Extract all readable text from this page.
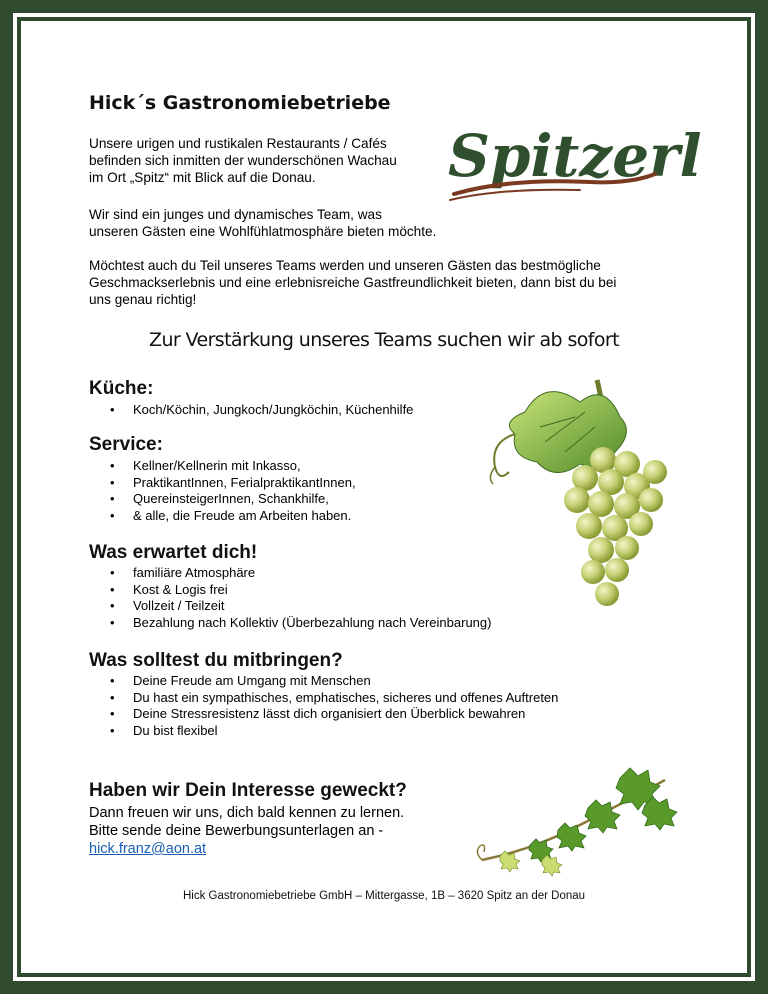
Hick´s Gastronomiebetriebe
Unsere urigen und rustikalen Restaurants / Cafés
befinden sich inmitten der wunderschönen Wachau
im Ort „Spitz“ mit Blick auf die Donau.
Wir sind ein junges und dynamisches Team, was
unseren Gästen eine Wohlfühlatmosphäre bieten möchte.
Möchtest auch du Teil unseres Teams werden und unseren Gästen das bestmögliche
Geschmackserlebnis und eine erlebnisreiche Gastfreundlichkeit bieten, dann bist du bei
uns genau richtig!
Spitzerl
Zur Verstärkung unseres Teams suchen wir ab sofort
Küche:
• Koch/Köchin, Jungkoch/Jungköchin, Küchenhilfe
Service:
• Kellner/Kellnerin mit Inkasso,
• PraktikantInnen, FerialpraktikantInnen,
• QuereinsteigerInnen, Schankhilfe,
• & alle, die Freude am Arbeiten haben.
Was erwartet dich!
• familiäre Atmosphäre
• Kost & Logis frei
• Vollzeit / Teilzeit
• Bezahlung nach Kollektiv (Überbezahlung nach Vereinbarung)
Was solltest du mitbringen?
• Deine Freude am Umgang mit Menschen
• Du hast ein sympathisches, emphatisches, sicheres und offenes Auftreten
• Deine Stressresistenz lässt dich organisiert den Überblick bewahren
• Du bist flexibel
Haben wir Dein Interesse geweckt?
Dann freuen wir uns, dich bald kennen zu lernen.
Bitte sende deine Bewerbungsunterlagen an -
hick.franz@aon.at
Hick Gastronomiebetriebe GmbH – Mittergasse, 1B – 3620 Spitz an der Donau
